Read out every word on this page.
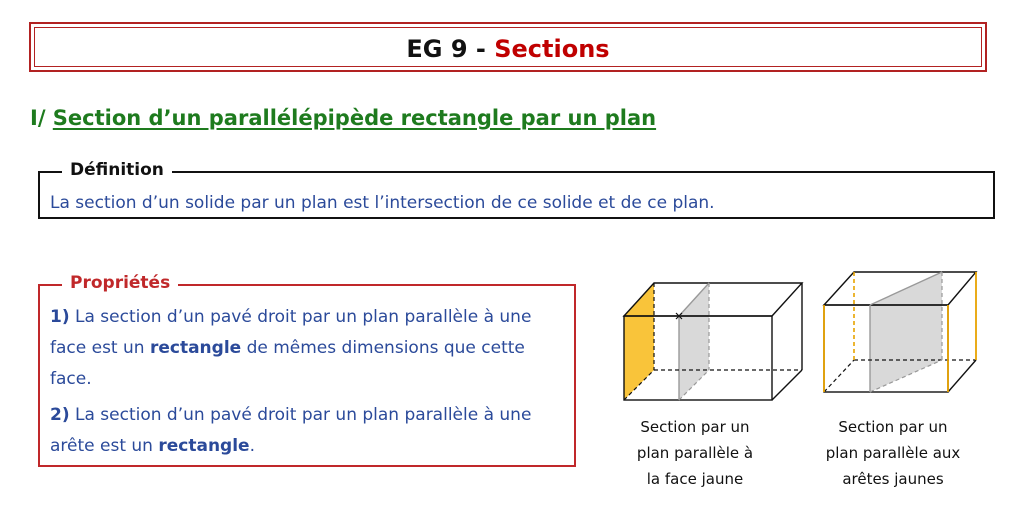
EG 9 - Sections
I/ Section d’un parallélépipède rectangle par un plan
Définition
La section d’un solide par un plan est l’intersection de ce solide et de ce plan.
Propriétés
1) La section d’un pavé droit par un plan parallèle à une face est un rectangle de mêmes dimensions que cette face.
2) La section d’un pavé droit par un plan parallèle à une arête est un rectangle.
Section par un
plan parallèle à
la face jaune
Section par un
plan parallèle aux
arêtes jaunes
